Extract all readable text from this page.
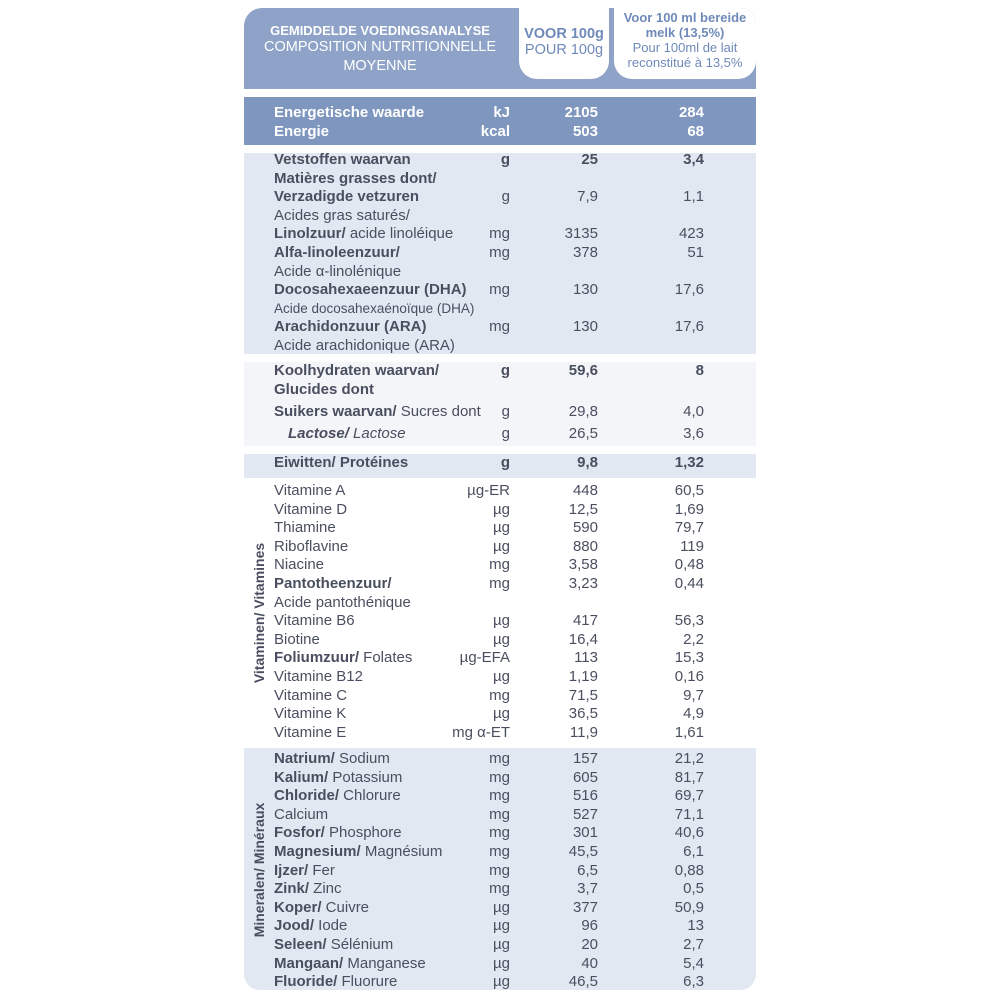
GEMIDDELDE VOEDINGSANALYSE
COMPOSITION NUTRITIONNELLE
MOYENNE
VOOR 100g
POUR 100g
Voor 100 ml bereide
melk (13,5%)
Pour 100ml de lait
reconstitué à 13,5%
Energetische waarde	kJ	2105	284
Energie	kcal	503	68
Vetstoffen waarvan	g	25	3,4
Matières grasses dont/
Verzadigde vetzuren	g	7,9	1,1
Acides gras saturés/
Linolzuur/ acide linoléique	mg	3135	423
Alfa-linoleenzuur/	mg	378	51
Acide α-linolénique
Docosahexaeenzuur (DHA)	mg	130	17,6
Acide docosahexaénoïque (DHA)
Arachidonzuur (ARA)	mg	130	17,6
Acide arachidonique (ARA)
Koolhydraten waarvan/	g	59,6	8
Glucides dont
Suikers waarvan/ Sucres dont	g	29,8	4,0
Lactose/ Lactose	g	26,5	3,6
Eiwitten/ Protéines	g	9,8	1,32
Vitaminen/ Vitamines
Vitamine A	µg-ER	448	60,5
Vitamine D	µg	12,5	1,69
Thiamine	µg	590	79,7
Riboflavine	µg	880	119
Niacine	mg	3,58	0,48
Pantotheenzuur/	mg	3,23	0,44
Acide pantothénique
Vitamine B6	µg	417	56,3
Biotine	µg	16,4	2,2
Foliumzuur/ Folates	µg-EFA	113	15,3
Vitamine B12	µg	1,19	0,16
Vitamine C	mg	71,5	9,7
Vitamine K	µg	36,5	4,9
Vitamine E	mg α-ET	11,9	1,61
Mineralen/ Minéraux
Natrium/ Sodium	mg	157	21,2
Kalium/ Potassium	mg	605	81,7
Chloride/ Chlorure	mg	516	69,7
Calcium	mg	527	71,1
Fosfor/ Phosphore	mg	301	40,6
Magnesium/ Magnésium	mg	45,5	6,1
Ijzer/ Fer	mg	6,5	0,88
Zink/ Zinc	mg	3,7	0,5
Koper/ Cuivre	µg	377	50,9
Jood/ Iode	µg	96	13
Seleen/ Sélénium	µg	20	2,7
Mangaan/ Manganese	µg	40	5,4
Fluoride/ Fluorure	µg	46,5	6,3
